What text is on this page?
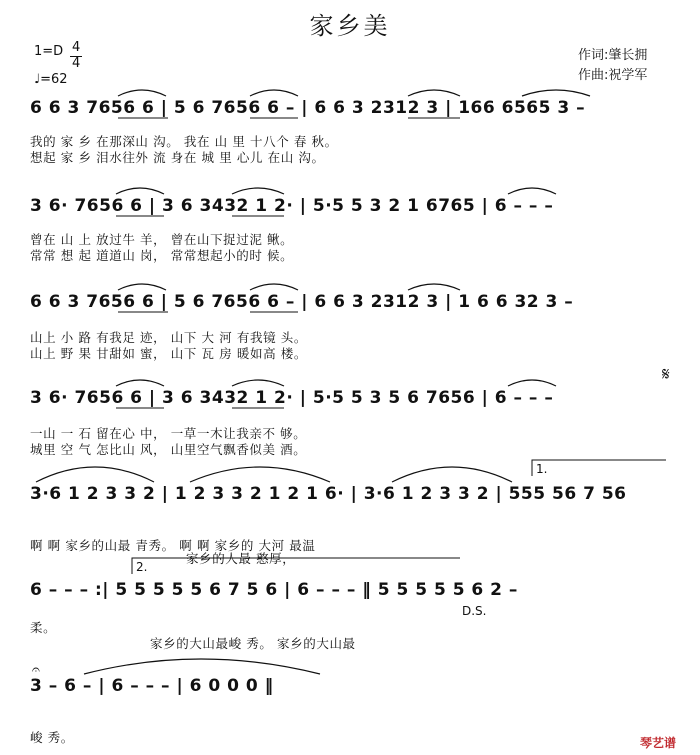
家乡美
1=D 4
4
♩=62
作词:肇长拥
作曲:祝学军
6 6 3 7656 6 | 5 6 7656 6 – | 6 6 3 2312 3 | 166 6565 3 –
我的 家 乡 在那深山 沟。 我在 山 里 十八个 春 秋。
想起 家 乡 泪水往外 流 身在 城 里 心儿 在山 沟。
3 6· 7656 6 | 3 6 3432 1 2· | 5·5 5 3 2 1 6765 | 6 – – –
曾在 山 上 放过牛 羊， 曾在山下捉过泥 鳅。
常常 想 起 道道山 岗， 常常想起小的时 候。
6 6 3 7656 6 | 5 6 7656 6 – | 6 6 3 2312 3 | 1 6 6 32 3 –
山上 小 路 有我足 迹， 山下 大 河 有我镜 头。
山上 野 果 甘甜如 蜜， 山下 瓦 房 暖如高 楼。
3 6· 7656 6 | 3 6 3432 1 2· | 5·5 5 3 5 6 7656 | 6 – – –
一山 一 石 留在心 中， 一草一木让我亲不 够。
城里 空 气 怎比山 风， 山里空气飘香似美 酒。
𝄋
1.
3·6 1 2 3 3 2 | 1 2 3 3 2 1 2 1 6· | 3·6 1 2 3 3 2 | 555 56 7 56
啊 啊 家乡的山最 青秀。 啊 啊 家乡的 大河 最温
家乡的人最 憨厚，
2.
6 – – – :| 5 5 5 5 5 6 7 5 6 | 6 – – – ‖ 5 5 5 5 5 6 2 –
D.S.
柔。
家乡的大山最峻 秀。 家乡的大山最
𝄐
3 – 6 – | 6 – – – | 6 0 0 0 ‖
峻 秀。	琴艺谱
